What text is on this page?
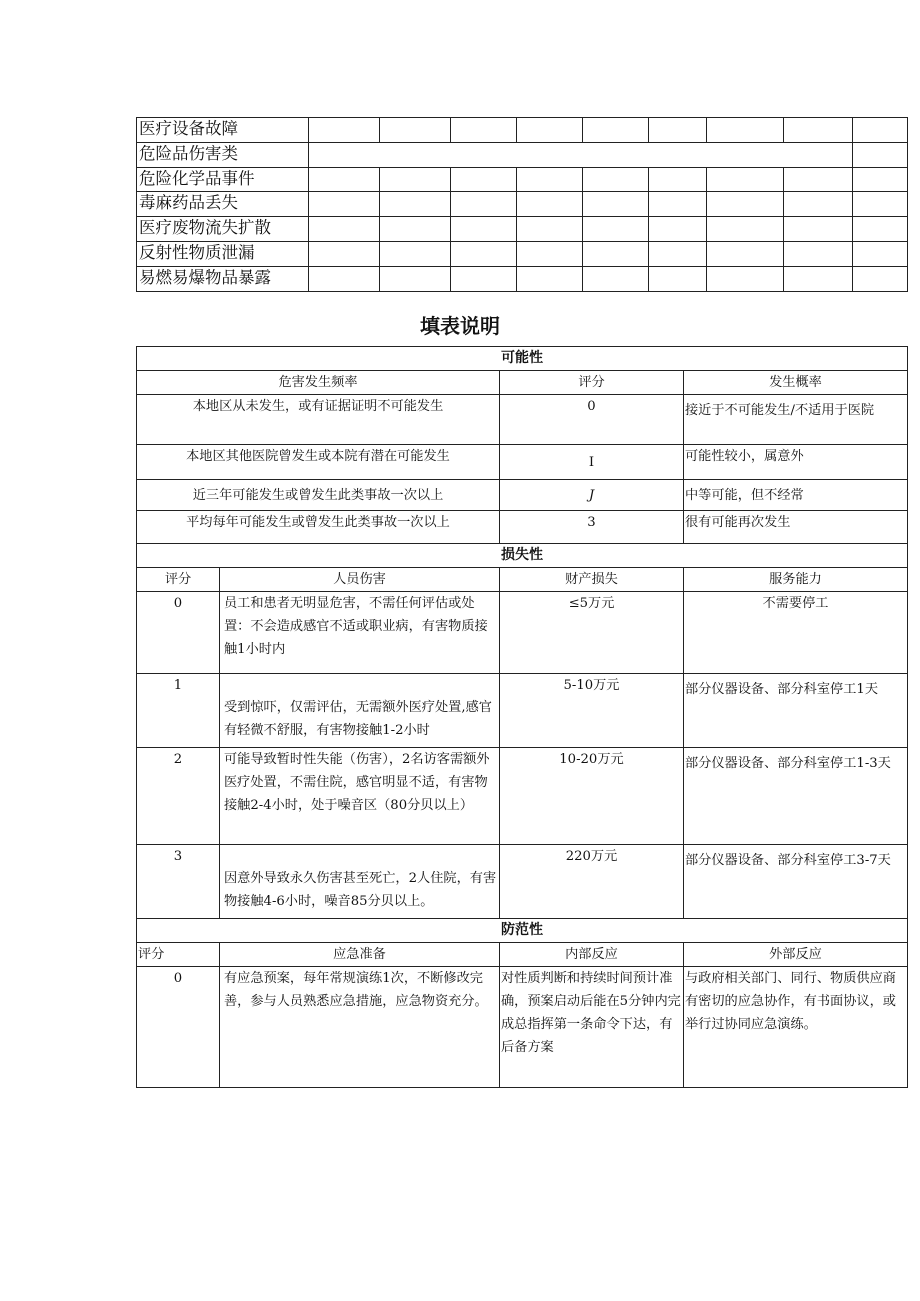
医疗设备故障									
危险品伤害类									
危险化学品事件									
毒麻药品丢失									
医疗废物流失扩散									
反射性物质泄漏									
易燃易爆物品暴露									
填表说明
可能性			
危害发生频率		评分	发生概率
本地区从未发生，或有证据证明不可能发生		0	接近于不可能发生/不适用于医院
本地区其他医院曾发生或本院有潜在可能发生		I	可能性较小，属意外
近三年可能发生或曾发生此类事故一次以上		J	中等可能，但不经常
平均每年可能发生或曾发生此类事故一次以上		3	很有可能再次发生
损失性			
评分	人员伤害	财产损失	服务能力
0	员工和患者无明显危害，不需任何评估或处置：不会造成感官不适或职业病，有害物质接触1小时内	≤5万元	不需要停工
1	受到惊吓，仅需评估，无需额外医疗处置,感官有轻微不舒服，有害物接触1-2小时	5-10万元	部分仪器设备、部分科室停工1天
2	可能导致暂时性失能（伤害），2名访客需额外医疗处置，不需住院，感官明显不适，有害物接触2-4小时，处于噪音区（80分贝以上）	10-20万元	部分仪器设备、部分科室停工1-3天
3	因意外导致永久伤害甚至死亡，2人住院，有害物接触4-6小时，噪音85分贝以上。	220万元	部分仪器设备、部分科室停工3-7天
防范性			
评分	应急准备	内部反应	外部反应
0	有应急预案，每年常规演练1次，不断修改完善，参与人员熟悉应急措施，应急物资充分。	对性质判断和持续时间预计准确，预案启动后能在5分钟内完成总指挥第一条命令下达，有后备方案	与政府相关部门、同行、物质供应商有密切的应急协作，有书面协议，或举行过协同应急演练。
